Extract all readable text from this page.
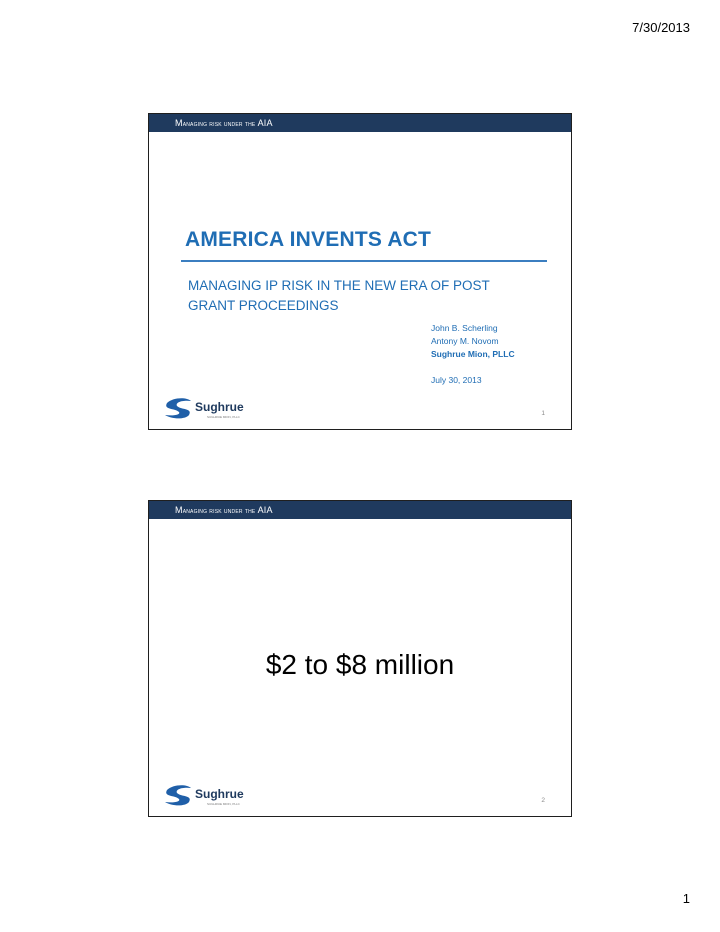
7/30/2013
Managing risk under the AIA
AMERICA INVENTS ACT
MANAGING IP RISK IN THE NEW ERA OF POST GRANT PROCEEDINGS
John B. Scherling
Antony M. Novom
Sughrue Mion, PLLC
July 30, 2013
Sughrue
SUGHRUE MION, PLLC	1
Managing risk under the AIA
$2 to $8 million
Sughrue
SUGHRUE MION, PLLC	2
1
